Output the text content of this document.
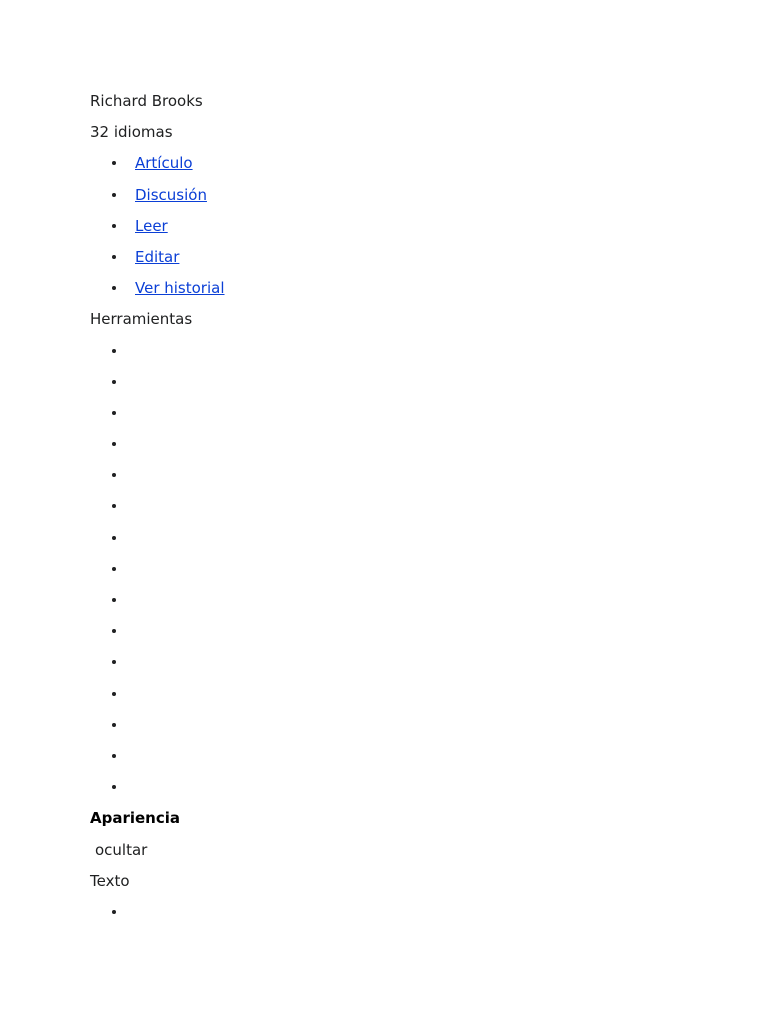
Richard Brooks
32 idiomas
Artículo
Discusión
Leer
Editar
Ver historial
Herramientas
Apariencia
ocultar
Texto
